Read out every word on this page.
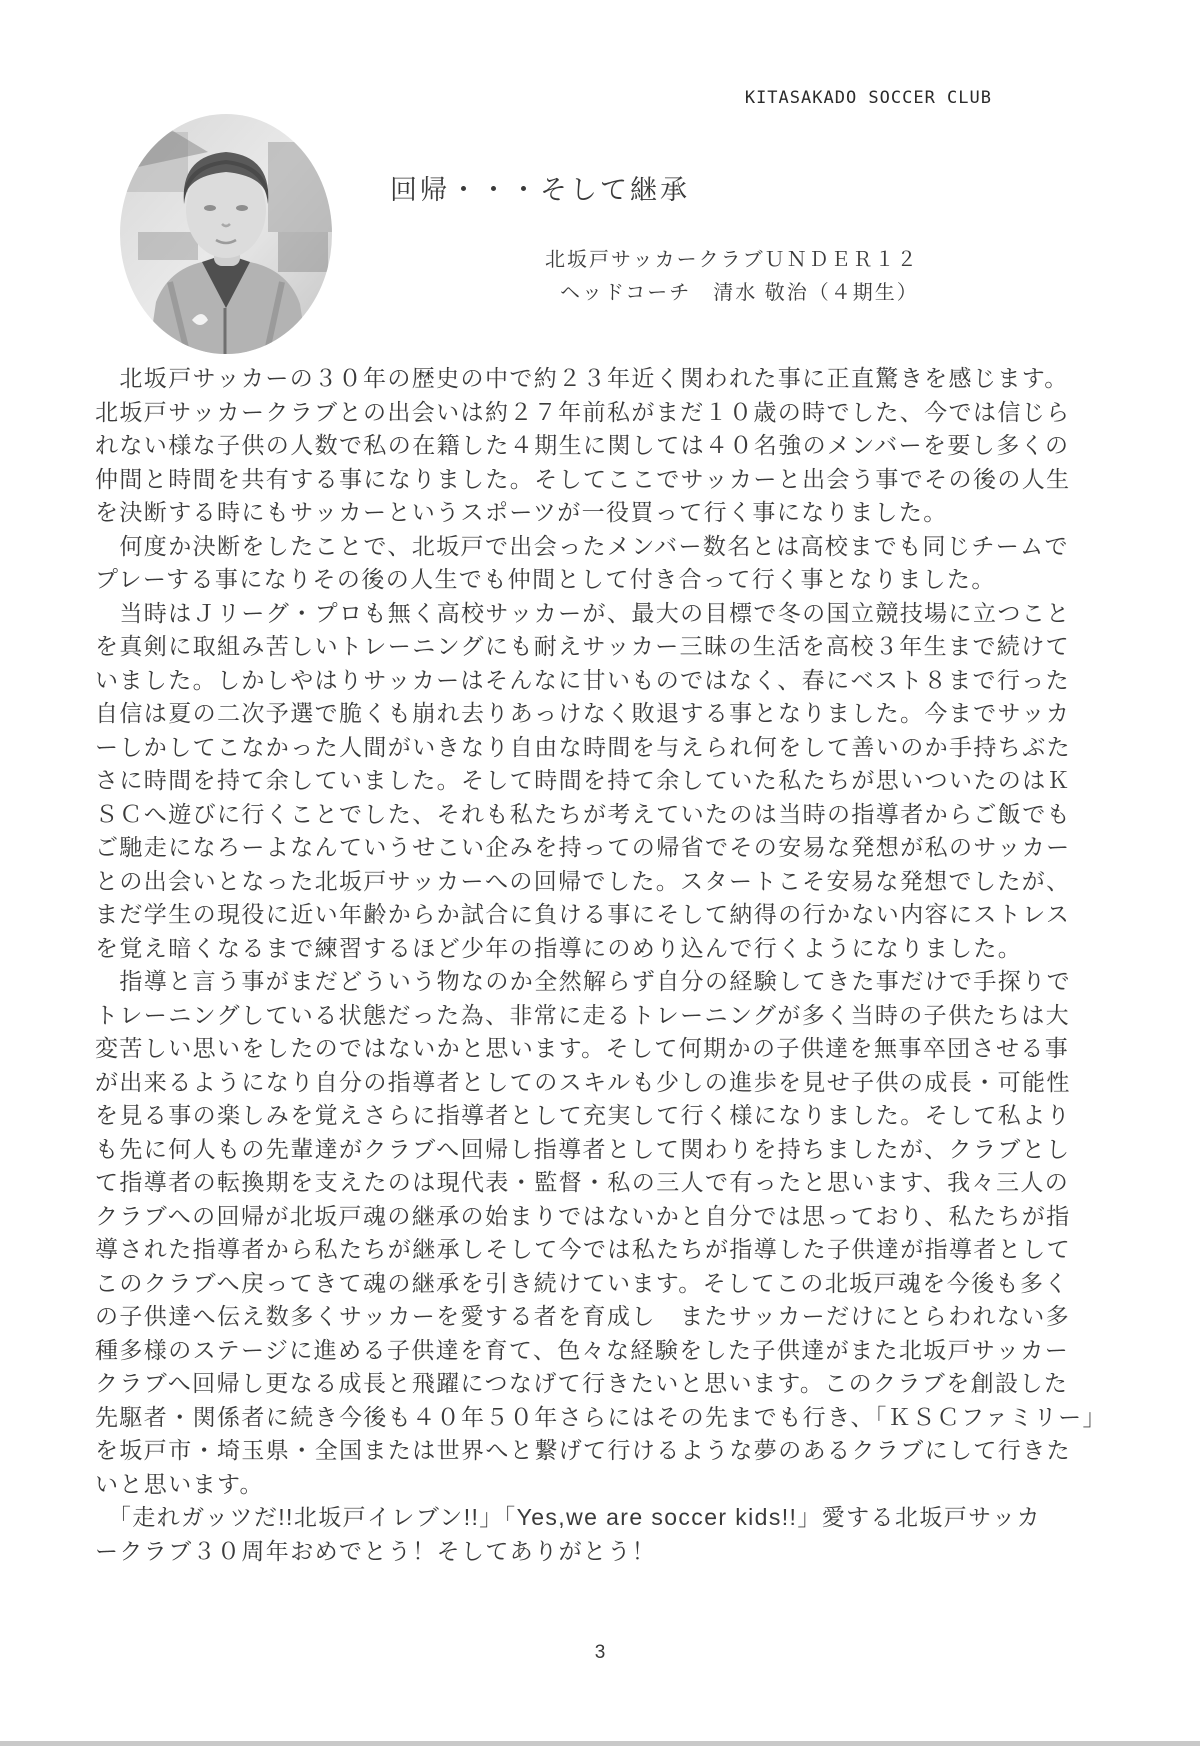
KITASAKADO SOCCER CLUB
回帰・・・そして継承
北坂戸サッカークラブＵＮＤＥＲ１２
ヘッドコーチ　清水 敬治（４期生）
　北坂戸サッカーの３０年の歴史の中で約２３年近く関われた事に正直驚きを感じます。
北坂戸サッカークラブとの出会いは約２７年前私がまだ１０歳の時でした、今では信じら
れない様な子供の人数で私の在籍した４期生に関しては４０名強のメンバーを要し多くの
仲間と時間を共有する事になりました。そしてここでサッカーと出会う事でその後の人生
を決断する時にもサッカーというスポーツが一役買って行く事になりました。
　何度か決断をしたことで、北坂戸で出会ったメンバー数名とは高校までも同じチームで
プレーする事になりその後の人生でも仲間として付き合って行く事となりました。
　当時はＪリーグ・プロも無く高校サッカーが、最大の目標で冬の国立競技場に立つこと
を真剣に取組み苦しいトレーニングにも耐えサッカー三昧の生活を高校３年生まで続けて
いました。しかしやはりサッカーはそんなに甘いものではなく、春にベスト８まで行った
自信は夏の二次予選で脆くも崩れ去りあっけなく敗退する事となりました。今までサッカ
ーしかしてこなかった人間がいきなり自由な時間を与えられ何をして善いのか手持ちぶた
さに時間を持て余していました。そして時間を持て余していた私たちが思いついたのはＫ
ＳＣへ遊びに行くことでした、それも私たちが考えていたのは当時の指導者からご飯でも
ご馳走になろーよなんていうせこい企みを持っての帰省でその安易な発想が私のサッカー
との出会いとなった北坂戸サッカーへの回帰でした。スタートこそ安易な発想でしたが、
まだ学生の現役に近い年齢からか試合に負ける事にそして納得の行かない内容にストレス
を覚え暗くなるまで練習するほど少年の指導にのめり込んで行くようになりました。
　指導と言う事がまだどういう物なのか全然解らず自分の経験してきた事だけで手探りで
トレーニングしている状態だった為、非常に走るトレーニングが多く当時の子供たちは大
変苦しい思いをしたのではないかと思います。そして何期かの子供達を無事卒団させる事
が出来るようになり自分の指導者としてのスキルも少しの進歩を見せ子供の成長・可能性
を見る事の楽しみを覚えさらに指導者として充実して行く様になりました。そして私より
も先に何人もの先輩達がクラブへ回帰し指導者として関わりを持ちましたが、クラブとし
て指導者の転換期を支えたのは現代表・監督・私の三人で有ったと思います、我々三人の
クラブへの回帰が北坂戸魂の継承の始まりではないかと自分では思っており、私たちが指
導された指導者から私たちが継承しそして今では私たちが指導した子供達が指導者として
このクラブへ戻ってきて魂の継承を引き続けています。そしてこの北坂戸魂を今後も多く
の子供達へ伝え数多くサッカーを愛する者を育成し　またサッカーだけにとらわれない多
種多様のステージに進める子供達を育て、色々な経験をした子供達がまた北坂戸サッカー
クラブへ回帰し更なる成長と飛躍につなげて行きたいと思います。このクラブを創設した
先駆者・関係者に続き今後も４０年５０年さらにはその先までも行き、「ＫＳＣファミリー」
を坂戸市・埼玉県・全国または世界へと繋げて行けるような夢のあるクラブにして行きた
いと思います。
　「走れガッツだ!!北坂戸イレブン!!」「Yes,we are soccer kids!!」愛する北坂戸サッカ
ークラブ３０周年おめでとう！そしてありがとう！
3
